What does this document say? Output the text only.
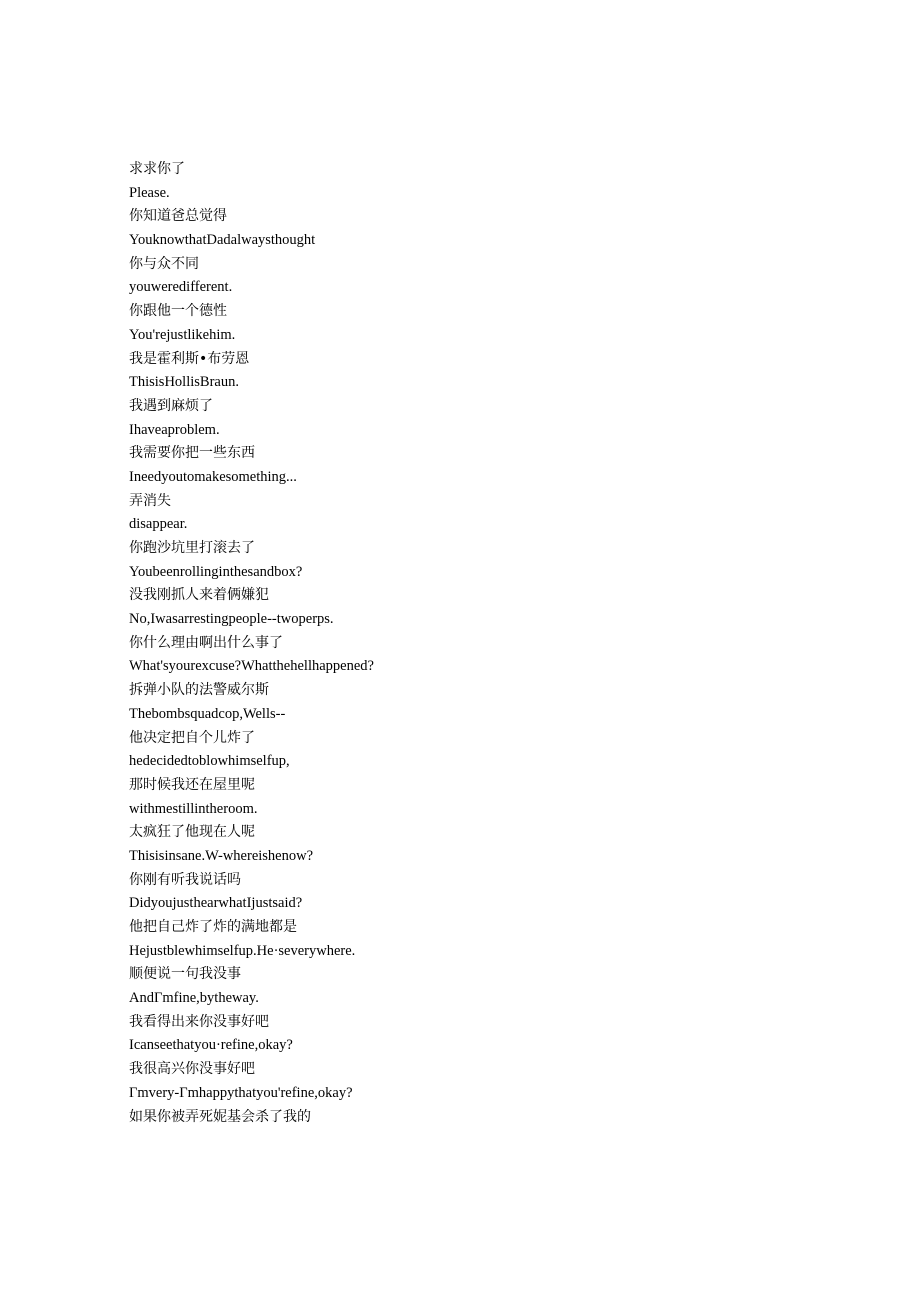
求求你了
Please.
你知道爸总觉得
YouknowthatDadalwaysthought
你与众不同
youweredifferent.
你跟他一个德性
You'rejustlikehim.
我是霍利斯•布劳恩
ThisisHollisBraun.
我遇到麻烦了
Ihaveaproblem.
我需要你把一些东西
Ineedyoutomakesomething...
弄消失
disappear.
你跑沙坑里打滚去了
Youbeenrollinginthesandbox?
没我刚抓人来着俩嫌犯
No,Iwasarrestingpeople--twoperps.
你什么理由啊出什么事了
What'syourexcuse?Whatthehellhappened?
拆弹小队的法警威尔斯
Thebombsquadcop,Wells--
他决定把自个儿炸了
hedecidedtoblowhimselfup,
那时候我还在屋里呢
withmestillintheroom.
太疯狂了他现在人呢
Thisisinsane.W-whereishenow?
你刚有听我说话吗
DidyoujusthearwhatIjustsaid?
他把自己炸了炸的满地都是
Hejustblewhimselfup.He·severywhere.
顺便说一句我没事
AndΓmfine,bytheway.
我看得出来你没事好吧
Icanseethatyou·refine,okay?
我很高兴你没事好吧
Γmvery-Γmhappythatyou'refine,okay?
如果你被弄死妮基会杀了我的
